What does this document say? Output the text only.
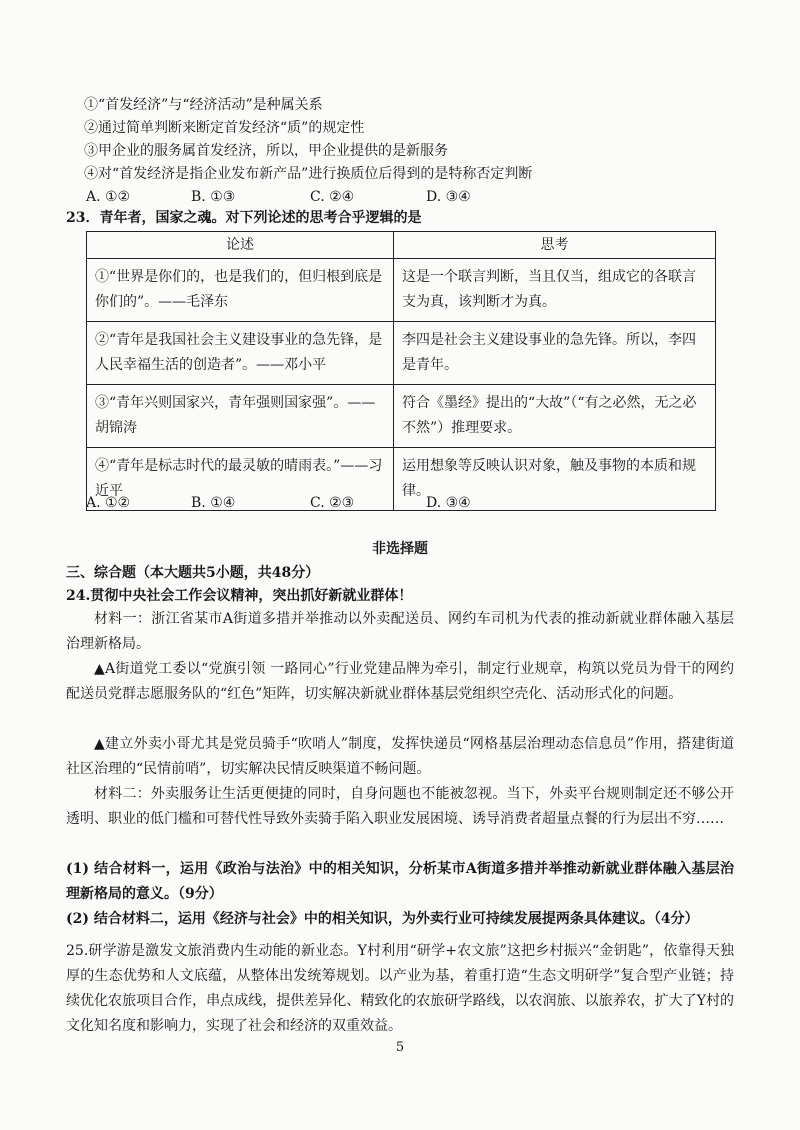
①“首发经济”与“经济活动”是种属关系
②通过简单判断来断定首发经济“质”的规定性
③甲企业的服务属首发经济，所以，甲企业提供的是新服务
④对“首发经济是指企业发布新产品”进行换质位后得到的是特称否定判断
A. ①②	B. ①③	C. ②④	D. ③④
23．青年者，国家之魂。对下列论述的思考合乎逻辑的是
论述	思考
①“世界是你们的，也是我们的，但归根到底是你们的”。——毛泽东	这是一个联言判断，当且仅当，组成它的各联言支为真，该判断才为真。
②“青年是我国社会主义建设事业的急先锋，是人民幸福生活的创造者”。——邓小平	李四是社会主义建设事业的急先锋。所以，李四是青年。
③“青年兴则国家兴，青年强则国家强”。——胡锦涛	符合《墨经》提出的“大故”（“有之必然，无之必不然”）推理要求。
④“青年是标志时代的最灵敏的晴雨表。”——习近平	运用想象等反映认识对象，触及事物的本质和规律。
A. ①②	B. ①④	C. ②③	D. ③④
非选择题
三、综合题（本大题共5小题，共48分）
24.贯彻中央社会工作会议精神，突出抓好新就业群体！
材料一：浙江省某市A街道多措并举推动以外卖配送员、网约车司机为代表的推动新就业群体融入基层治理新格局。
▲A街道党工委以“党旗引领 一路同心”行业党建品牌为牵引，制定行业规章，构筑以党员为骨干的网约配送员党群志愿服务队的“红色”矩阵，切实解决新就业群体基层党组织空壳化、活动形式化的问题。
▲建立外卖小哥尤其是党员骑手“吹哨人”制度，发挥快递员“网格基层治理动态信息员”作用，搭建街道社区治理的“民情前哨”，切实解决民情反映渠道不畅问题。
材料二：外卖服务让生活更便捷的同时，自身问题也不能被忽视。当下，外卖平台规则制定还不够公开透明、职业的低门槛和可替代性导致外卖骑手陷入职业发展困境、诱导消费者超量点餐的行为层出不穷……
(1) 结合材料一，运用《政治与法治》中的相关知识，分析某市A街道多措并举推动新就业群体融入基层治理新格局的意义。（9分）
(2) 结合材料二，运用《经济与社会》中的相关知识，为外卖行业可持续发展提两条具体建议。（4分）
25.研学游是激发文旅消费内生动能的新业态。Y村利用“研学+农文旅”这把乡村振兴“金钥匙”，依靠得天独厚的生态优势和人文底蕴，从整体出发统筹规划。以产业为基，着重打造“生态文明研学”复合型产业链；持续优化农旅项目合作，串点成线，提供差异化、精致化的农旅研学路线，以农润旅、以旅养农，扩大了Y村的文化知名度和影响力，实现了社会和经济的双重效益。
5
